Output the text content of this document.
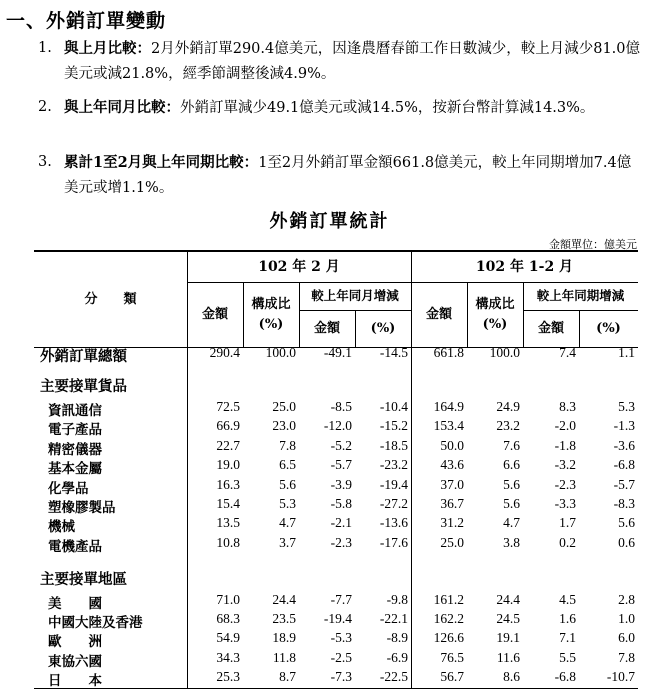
一、外銷訂單變動
1. 與上月比較：2月外銷訂單290.4億美元，因逢農曆春節工作日數減少，較上月減少81.0億美元或減21.8%，經季節調整後減4.9%。
2. 與上年同月比較：外銷訂單減少49.1億美元或減14.5%，按新台幣計算減14.3%。
3. 累計1至2月與上年同期比較：1至2月外銷訂單金額661.8億美元，較上年同期增加7.4億美元或增1.1%。
外銷訂單統計
金額單位：億美元
分　　類
102 年 2 月	102 年 1-2 月
金額
構成比
(%)
較上年同月增減
金額	(%)
金額
構成比
(%)
較上年同期增減
金額	(%)
主要接單貨品
主要接單地區
外銷訂單總額	290.4	100.0	-49.1	-14.5	661.8	100.0	7.4	1.1
資訊通信	72.5	25.0	-8.5	-10.4	164.9	24.9	8.3	5.3
電子產品	66.9	23.0	-12.0	-15.2	153.4	23.2	-2.0	-1.3
精密儀器	22.7	7.8	-5.2	-18.5	50.0	7.6	-1.8	-3.6
基本金屬	19.0	6.5	-5.7	-23.2	43.6	6.6	-3.2	-6.8
化學品	16.3	5.6	-3.9	-19.4	37.0	5.6	-2.3	-5.7
塑橡膠製品	15.4	5.3	-5.8	-27.2	36.7	5.6	-3.3	-8.3
機械	13.5	4.7	-2.1	-13.6	31.2	4.7	1.7	5.6
電機產品	10.8	3.7	-2.3	-17.6	25.0	3.8	0.2	0.6
美　　國	71.0	24.4	-7.7	-9.8	161.2	24.4	4.5	2.8
中國大陸及香港	68.3	23.5	-19.4	-22.1	162.2	24.5	1.6	1.0
歐　　洲	54.9	18.9	-5.3	-8.9	126.6	19.1	7.1	6.0
東協六國	34.3	11.8	-2.5	-6.9	76.5	11.6	5.5	7.8
日　　本	25.3	8.7	-7.3	-22.5	56.7	8.6	-6.8	-10.7
